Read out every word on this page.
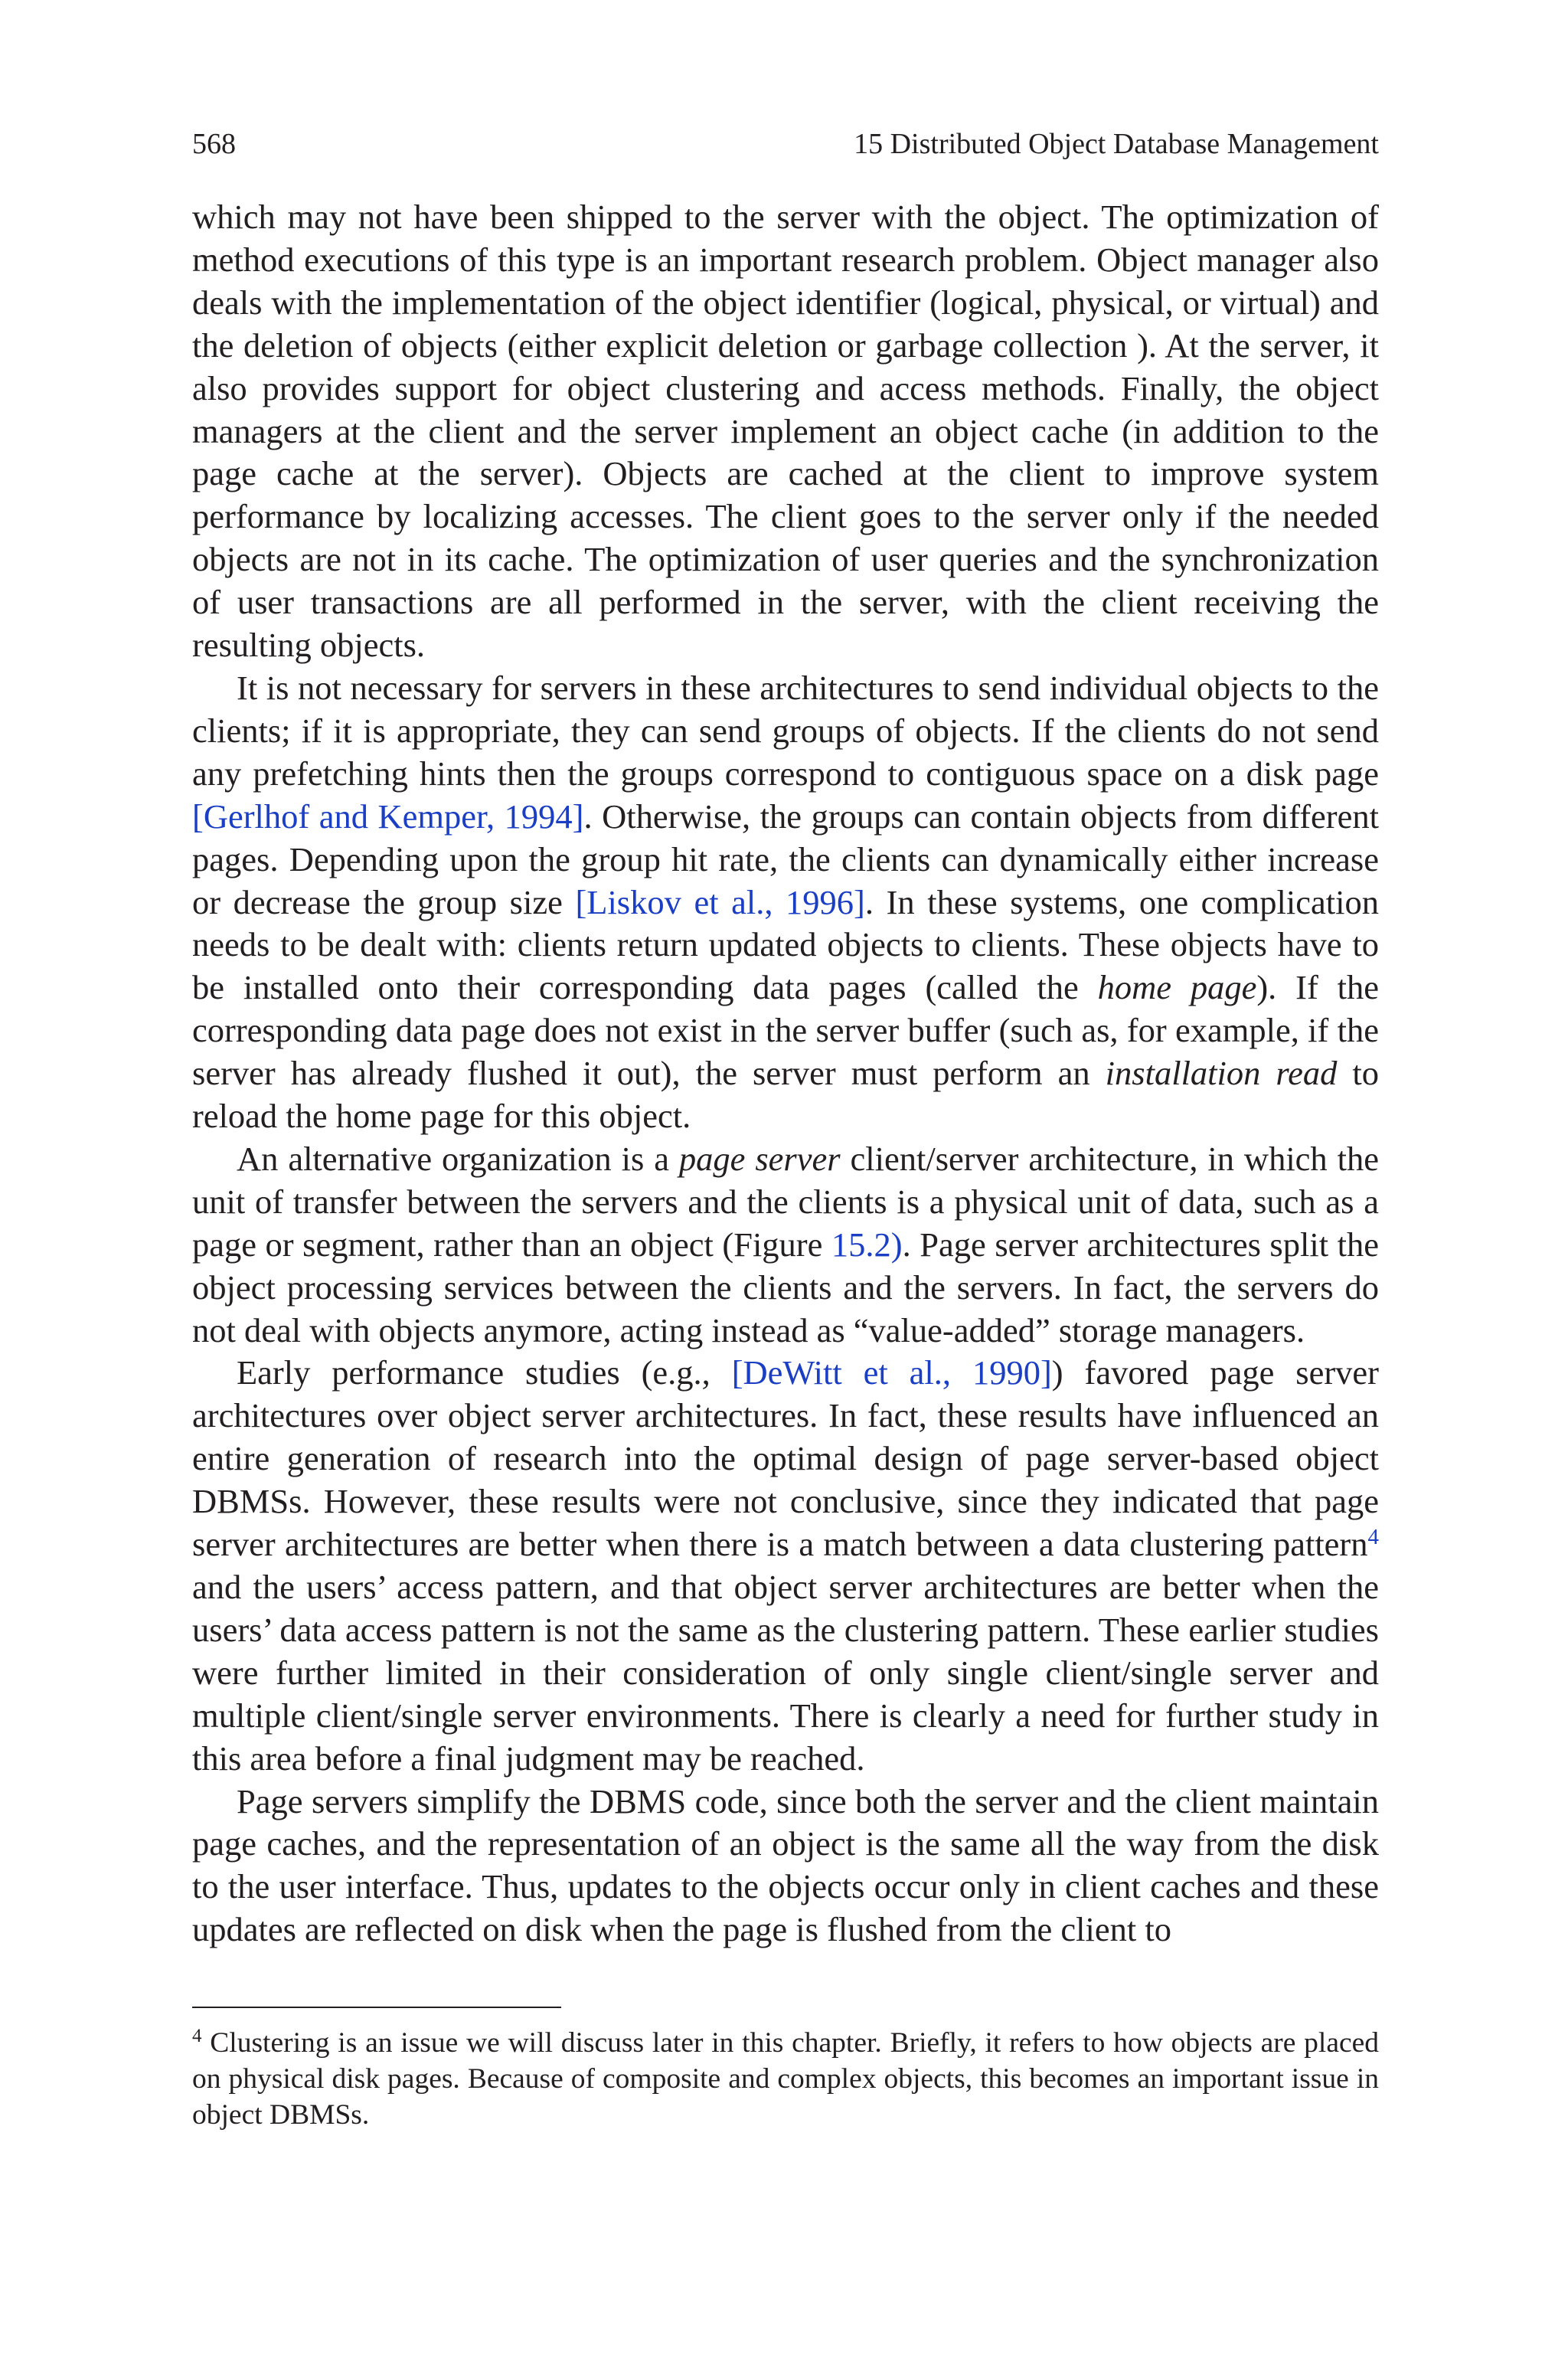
568	15 Distributed Object Database Management

which may not have been shipped to the server with the object. The optimization of method executions of this type is an important research problem. Object manager also deals with the implementation of the object identifier (logical, physical, or virtual) and the deletion of objects (either explicit deletion or garbage collection ). At the server, it also provides support for object clustering and access methods. Finally, the object managers at the client and the server implement an object cache (in addition to the page cache at the server). Objects are cached at the client to improve system performance by localizing accesses. The client goes to the server only if the needed objects are not in its cache. The optimization of user queries and the synchronization of user transactions are all performed in the server, with the client receiving the resulting objects.

It is not necessary for servers in these architectures to send individual objects to the clients; if it is appropriate, they can send groups of objects. If the clients do not send any prefetching hints then the groups correspond to contiguous space on a disk page [Gerlhof and Kemper, 1994]. Otherwise, the groups can contain objects from different pages. Depending upon the group hit rate, the clients can dynamically either increase or decrease the group size [Liskov et al., 1996]. In these systems, one complication needs to be dealt with: clients return updated objects to clients. These objects have to be installed onto their corresponding data pages (called the home page). If the corresponding data page does not exist in the server buffer (such as, for example, if the server has already flushed it out), the server must perform an installation read to reload the home page for this object.

An alternative organization is a page server client/server architecture, in which the unit of transfer between the servers and the clients is a physical unit of data, such as a page or segment, rather than an object (Figure 15.2). Page server architectures split the object processing services between the clients and the servers. In fact, the servers do not deal with objects anymore, acting instead as “value-added” storage managers.

Early performance studies (e.g., [DeWitt et al., 1990]) favored page server architectures over object server architectures. In fact, these results have influenced an entire generation of research into the optimal design of page server-based object DBMSs. However, these results were not conclusive, since they indicated that page server architectures are better when there is a match between a data clustering pattern$^4$ and the users’ access pattern, and that object server architectures are better when the users’ data access pattern is not the same as the clustering pattern. These earlier studies were further limited in their consideration of only single client/single server and multiple client/single server environments. There is clearly a need for further study in this area before a final judgment may be reached.

Page servers simplify the DBMS code, since both the server and the client maintain page caches, and the representation of an object is the same all the way from the disk to the user interface. Thus, updates to the objects occur only in client caches and these updates are reflected on disk when the page is flushed from the client to

$^4$ Clustering is an issue we will discuss later in this chapter. Briefly, it refers to how objects are placed on physical disk pages. Because of composite and complex objects, this becomes an important issue in object DBMSs.
